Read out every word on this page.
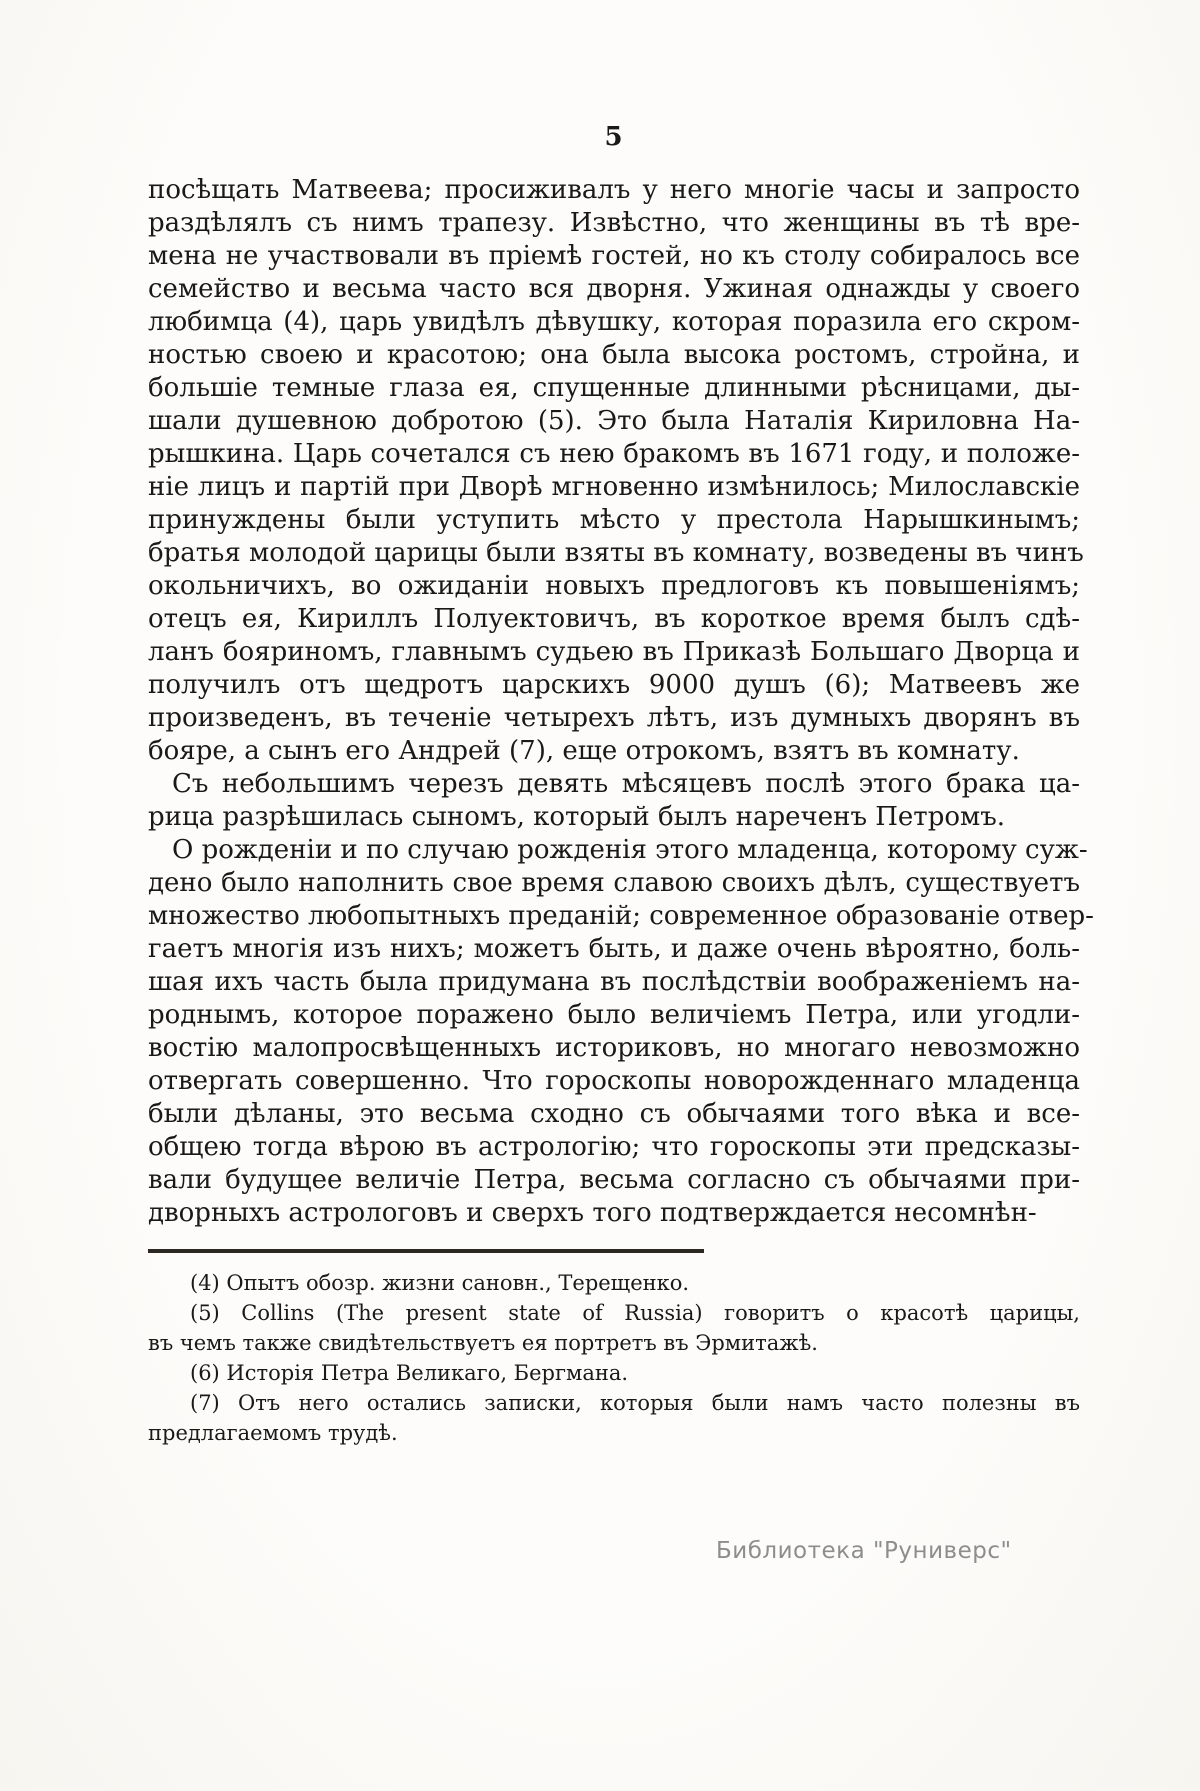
5
посѣщать Матвеева; просиживалъ у него многіе часы и запросто
раздѣлялъ съ нимъ трапезу. Извѣстно, что женщины въ тѣ вре-
мена не участвовали въ пріемѣ гостей, но къ столу собиралось все
семейство и весьма часто вся дворня. Ужиная однажды у своего
любимца (4), царь увидѣлъ дѣвушку, которая поразила его скром-
ностью своею и красотою; она была высока ростомъ, стройна, и
большіе темные глаза ея, спущенные длинными рѣсницами, ды-
шали душевною добротою (5). Это была Наталія Кириловна На-
рышкина. Царь сочетался съ нею бракомъ въ 1671 году, и положе-
ніе лицъ и партій при Дворѣ мгновенно измѣнилось; Милославскіе
принуждены были уступить мѣсто у престола Нарышкинымъ;
братья молодой царицы были взяты въ комнату, возведены въ чинъ
окольничихъ, во ожиданіи новыхъ предлоговъ къ повышеніямъ;
отецъ ея, Кириллъ Полуектовичъ, въ короткое время былъ сдѣ-
ланъ бояриномъ, главнымъ судьею въ Приказѣ Большаго Дворца и
получилъ отъ щедротъ царскихъ 9000 душъ (6); Матвеевъ же
произведенъ, въ теченіе четырехъ лѣтъ, изъ думныхъ дворянъ въ
бояре, а сынъ его Андрей (7), еще отрокомъ, взятъ въ комнату.
Съ небольшимъ черезъ девять мѣсяцевъ послѣ этого брака ца-
рица разрѣшилась сыномъ, который былъ нареченъ Петромъ.
О рожденіи и по случаю рожденія этого младенца, которому суж-
дено было наполнить свое время славою своихъ дѣлъ, существуетъ
множество любопытныхъ преданій; современное образованіе отвер-
гаетъ многія изъ нихъ; можетъ быть, и даже очень вѣроятно, боль-
шая ихъ часть была придумана въ послѣдствіи воображеніемъ на-
роднымъ, которое поражено было величіемъ Петра, или угодли-
востію малопросвѣщенныхъ историковъ, но многаго невозможно
отвергать совершенно. Что гороскопы новорожденнаго младенца
были дѣланы, это весьма сходно съ обычаями того вѣка и все-
общею тогда вѣрою въ астрологію; что гороскопы эти предсказы-
вали будущее величіе Петра, весьма согласно съ обычаями при-
дворныхъ астрологовъ и сверхъ того подтверждается несомнѣн-
(4) Опытъ обозр. жизни сановн., Терещенко.
(5) Collins (The present state of Russia) говоритъ о красотѣ царицы,
въ чемъ также свидѣтельствуетъ ея портретъ въ Эрмитажѣ.
(6) Исторія Петра Великаго, Бергмана.
(7) Отъ него остались записки, которыя были намъ часто полезны въ
предлагаемомъ трудѣ.
Библиотека "Руниверс"
